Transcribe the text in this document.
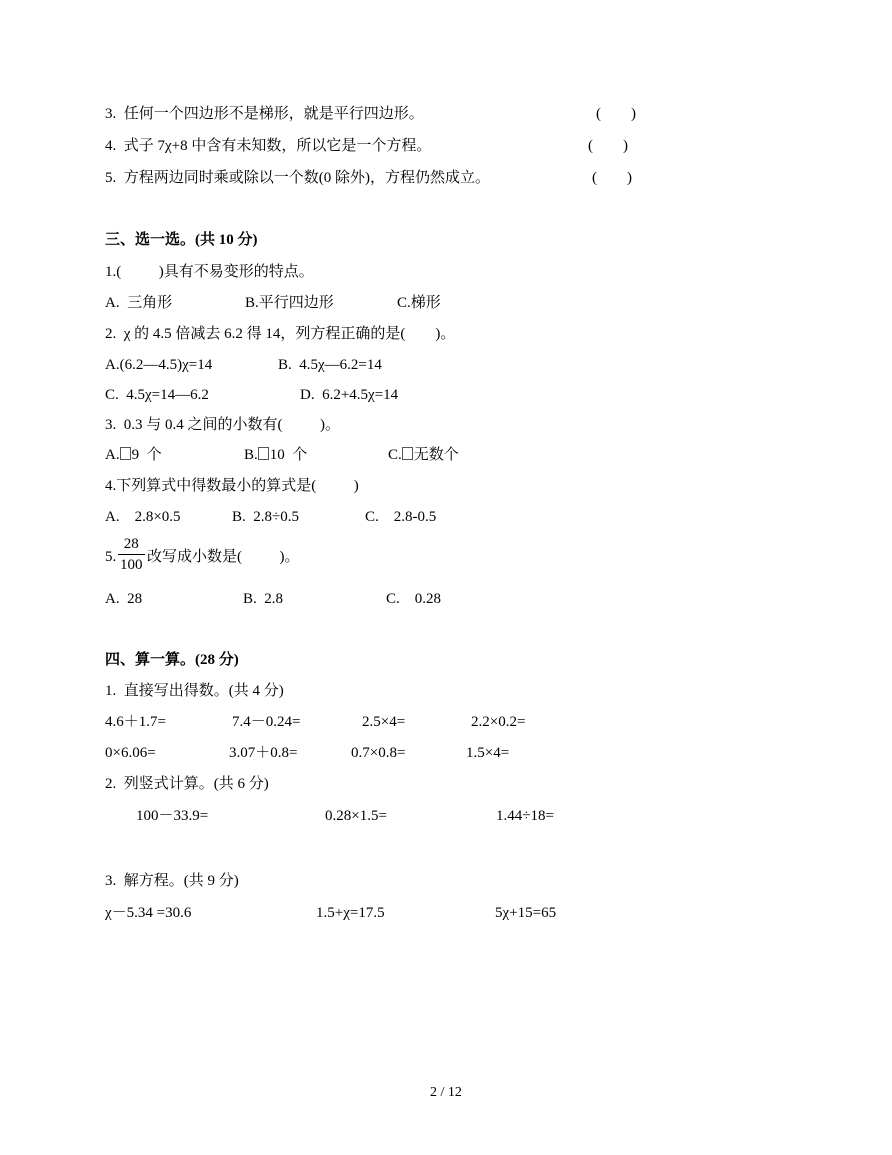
3.  任何一个四边形不是梯形，就是平行四边形。	(        )
4.  式子 7χ+8 中含有未知数，所以它是一个方程。	(        )
5.  方程两边同时乘或除以一个数(0 除外)，方程仍然成立。	(        )
三、选一选。(共 10 分)
1.(          )具有不易变形的特点。
A.  三角形	B.平行四边形	C.梯形
2.  χ 的 4.5 倍减去 6.2 得 14，列方程正确的是(        )。
A.(6.2—4.5)χ=14	B.  4.5χ—6.2=14
C.  4.5χ=14—6.2	D.  6.2+4.5χ=14
3.  0.3 与 0.4 之间的小数有(          )。
A. 9  个	B. 10  个	C. 无数个
4.下列算式中得数最小的算式是(          )
A.    2.8×0.5	B.  2.8÷0.5	C.    2.8-0.5
5.
28
100 改写成小数是(          )。
A.  28	B.  2.8	C.    0.28
四、算一算。(28 分)
1.  直接写出得数。(共 4 分)
4.6＋1.7=	7.4－0.24=	2.5×4=	2.2×0.2=
0×6.06=	3.07＋0.8=	0.7×0.8=	1.5×4=
2.  列竖式计算。(共 6 分)
100－33.9=	0.28×1.5=	1.44÷18=
3.  解方程。(共 9 分)
χ－5.34 =30.6	1.5+χ=17.5	5χ+15=65
2 / 12
